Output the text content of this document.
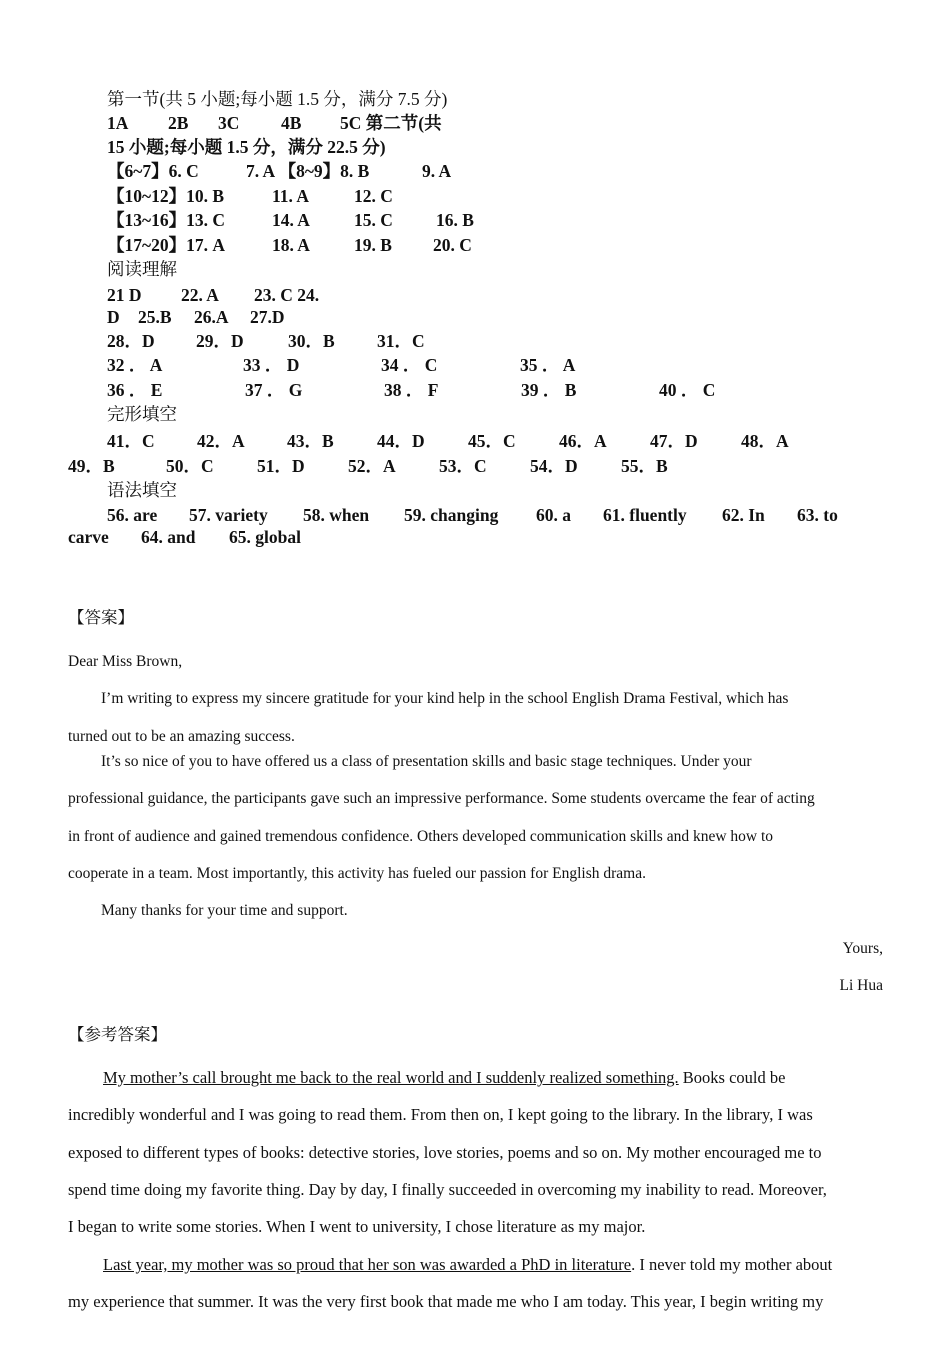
第一节(共 5 小题;每小题 1.5 分，满分 7.5 分)
1A 2B 3C 4B 5C 第二节(共
15 小题;每小题 1.5 分，满分 22.5 分)
【6~7】6. C	7. A 【8~9】8. B	9. A
【10~12】10. B	11. A	12. C
【13~16】13. C	14. A	15. C 16. B
【17~20】17. A	18. A	19. B 20. C
阅读理解
21 D 22. A 23. C 24.
D 25.B 26.A 27.D
28．D 29．D	30．B 31．C
32 ． A	33 ． D	34 ． C	35 ． A
36 ． E	37 ． G	38 ． F	39 ． B	40 ． C
完形填空
41．C 42．A 43．B 44．D 45．C 46．A 47．D 48．A
49．B	50．C 51．D 52．A 53．C 54．D 55．B
语法填空
56. are 57. variety 58. when 59. changing 60. a 61. fluently 62. In 63. to
carve 64. and 65. global
【答案】
Dear Miss Brown,
I’m writing to express my sincere gratitude for your kind help in the school English Drama Festival, which has
turned out to be an amazing success.
It’s so nice of you to have offered us a class of presentation skills and basic stage techniques. Under your
professional guidance, the participants gave such an impressive performance. Some students overcame the fear of acting
in front of audience and gained tremendous confidence. Others developed communication skills and knew how to
cooperate in a team. Most importantly, this activity has fueled our passion for English drama.
Many thanks for your time and support.
Yours,
Li Hua
【参考答案】
My mother’s call brought me back to the real world and I suddenly realized something. Books could be
incredibly wonderful and I was going to read them. From then on, I kept going to the library. In the library, I was
exposed to different types of books: detective stories, love stories, poems and so on. My mother encouraged me to
spend time doing my favorite thing. Day by day, I finally succeeded in overcoming my inability to read. Moreover,
I began to write some stories. When I went to university, I chose literature as my major.
Last year, my mother was so proud that her son was awarded a PhD in literature. I never told my mother about
my experience that summer. It was the very first book that made me who I am today. This year, I begin writing my
